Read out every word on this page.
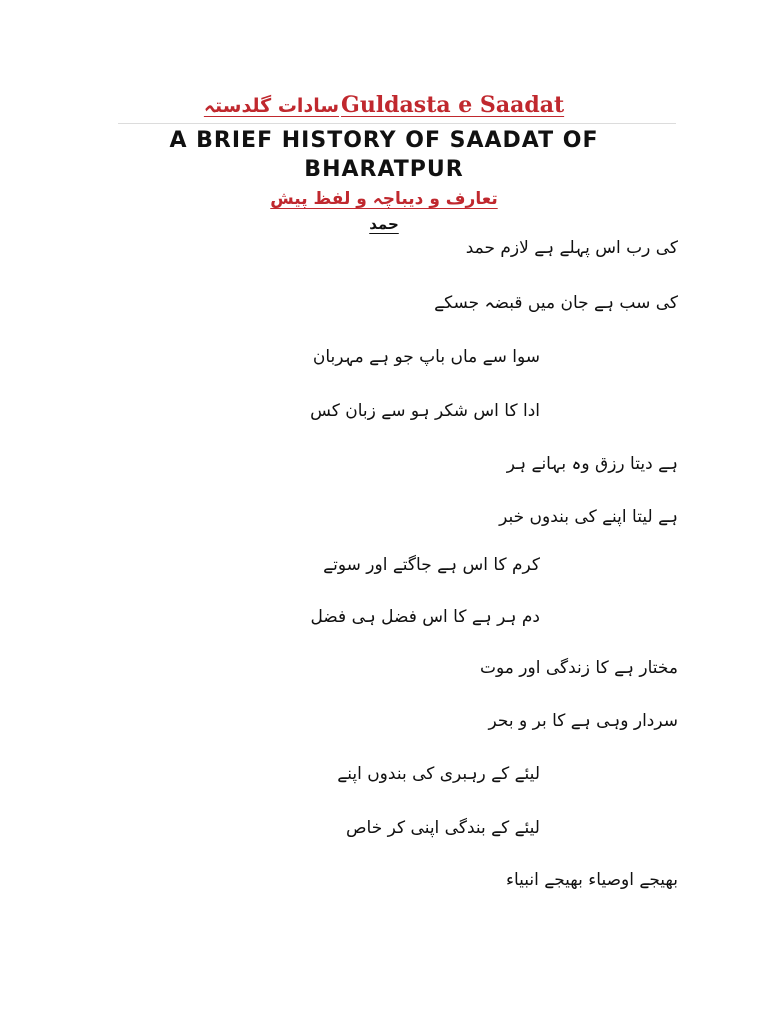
سادات گلدستہGuldasta e Saadat
A BRIEF HISTORY OF SAADAT OF BHARATPUR
تعارف و دیباچہ و لفظ پیش
حمد
کی رب اس پہلے ہے لازم حمد
کی سب ہے جان میں قبضہ جسکے
سوا سے ماں باپ جو ہے مہربان
ادا کا اس شکر ہو سے زبان کس
ہے دیتا رزق وہ بہانے ہر
ہے لیتا اپنے کی بندوں خبر
کرم کا اس ہے جاگتے اور سوتے
دم ہر ہے کا اس فضل ہی فضل
مختار ہے کا زندگی اور موت
سردار وہی ہے کا بر و بحر
لیئے کے رہبری کی بندوں اپنے
لیئے کے بندگی اپنی کر خاص
بھیجے اوصیاء بھیجے انبیاء
